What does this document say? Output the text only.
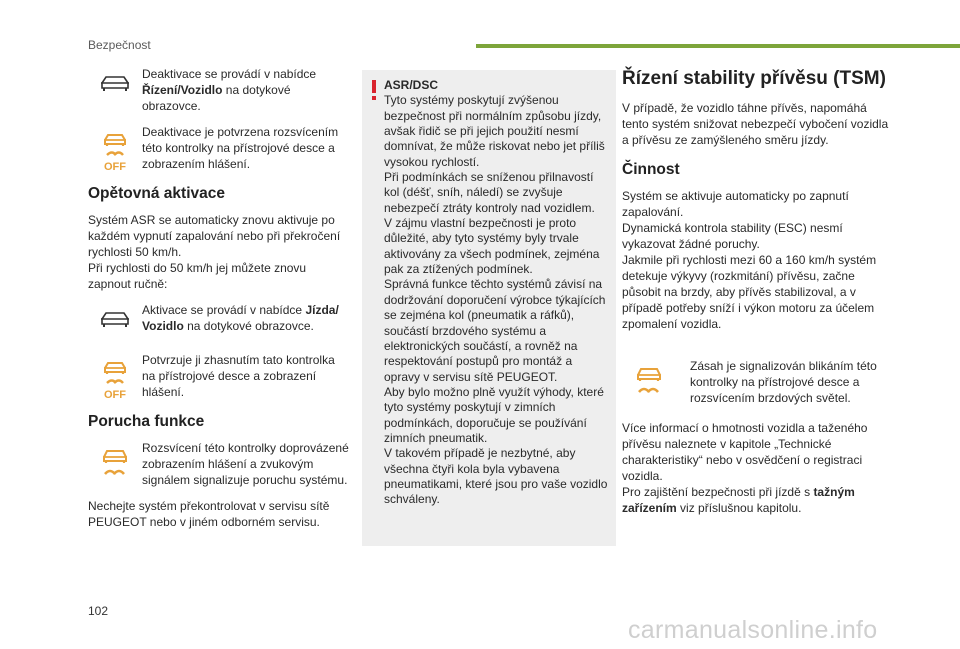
Bezpečnost
Deaktivace se provádí v nabídce Řízení/Vozidlo na dotykové obrazovce.
OFF
Deaktivace je potvrzena rozsvícením této kontrolky na přístrojové desce a zobrazením hlášení.
Opětovná aktivace

Systém ASR se automaticky znovu aktivuje po každém vypnutí zapalování nebo při překročení rychlosti 50 km/h.

Při rychlosti do 50 km/h jej můžete znovu zapnout ručně:

Aktivace se provádí v nabídce Jízda/ Vozidlo na dotykové obrazovce.
OFF
Potvrzuje ji zhasnutím tato kontrolka na přístrojové desce a zobrazení hlášení.
Porucha funkce
Rozsvícení této kontrolky doprovázené zobrazením hlášení a zvukovým signálem signalizuje poruchu systému.

Nechejte systém překontrolovat v servisu sítě PEUGEOT nebo v jiném odborném servisu.

ASR/DSC
Tyto systémy poskytují zvýšenou bezpečnost při normálním způsobu jízdy, avšak řidič se při jejich použití nesmí domnívat, že může riskovat nebo jet příliš vysokou rychlostí.
Při podmínkách se sníženou přilnavostí kol (déšť, sníh, náledí) se zvyšuje nebezpečí ztráty kontroly nad vozidlem.
V zájmu vlastní bezpečnosti je proto důležité, aby tyto systémy byly trvale aktivovány za všech podmínek, zejména pak za ztížených podmínek.
Správná funkce těchto systémů závisí na dodržování doporučení výrobce týkajících se zejména kol (pneumatik a ráfků), součástí brzdového systému a elektronických součástí, a rovněž na respektování postupů pro montáž a opravy v servisu sítě PEUGEOT.
Aby bylo možno plně využít výhody, které tyto systémy poskytují v zimních podmínkách, doporučuje se používání zimních pneumatik.
V takovém případě je nezbytné, aby všechna čtyři kola byla vybavena pneumatikami, které jsou pro vaše vozidlo schváleny.
Řízení stability přívěsu (TSM)

V případě, že vozidlo táhne přívěs, napomáhá tento systém snižovat nebezpečí vybočení vozidla a přívěsu ze zamýšleného směru jízdy.

Činnost
Systém se aktivuje automaticky po zapnutí zapalování.
Dynamická kontrola stability (ESC) nesmí vykazovat žádné poruchy.
Jakmile při rychlosti mezi 60 a 160 km/h systém detekuje výkyvy (rozkmitání) přívěsu, začne působit na brzdy, aby přívěs stabilizoval, a v případě potřeby sníží i výkon motoru za účelem zpomalení vozidla.
Zásah je signalizován blikáním této kontrolky na přístrojové desce a rozsvícením brzdových světel.

Více informací o hmotnosti vozidla a taženého přívěsu naleznete v kapitole „Technické charakteristiky“ nebo v osvědčení o registraci vozidla.

Pro zajištění bezpečnosti při jízdě s tažným zařízením viz příslušnou kapitolu.

102
carmanualsonline.info
